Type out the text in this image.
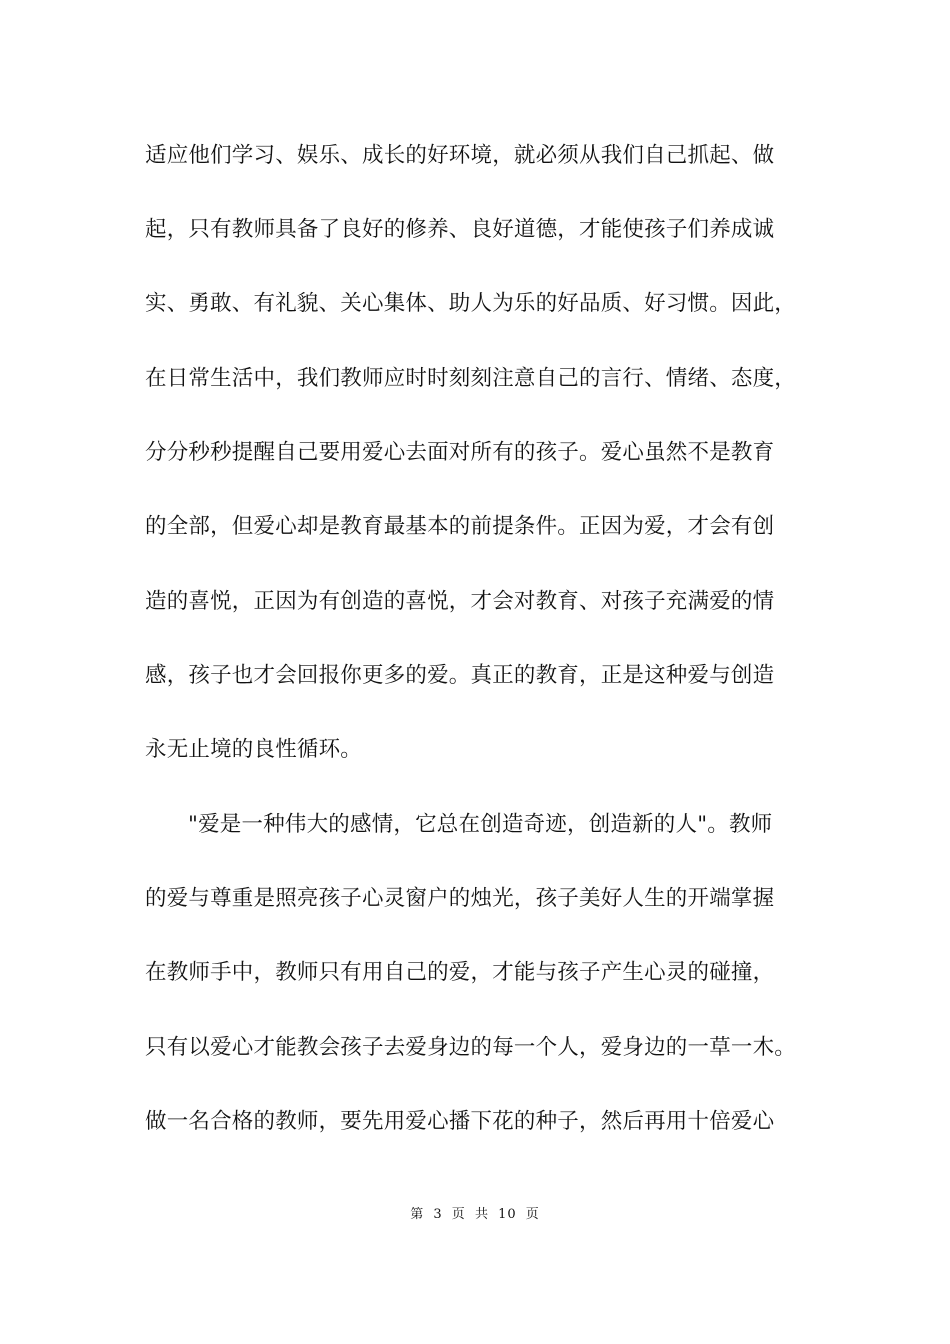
适应他们学习、娱乐、成长的好环境，就必须从我们自己抓起、做
起，只有教师具备了良好的修养、良好道德，才能使孩子们养成诚
实、勇敢、有礼貌、关心集体、助人为乐的好品质、好习惯。因此，
在日常生活中，我们教师应时时刻刻注意自己的言行、情绪、态度，
分分秒秒提醒自己要用爱心去面对所有的孩子。爱心虽然不是教育
的全部，但爱心却是教育最基本的前提条件。正因为爱，才会有创
造的喜悦，正因为有创造的喜悦，才会对教育、对孩子充满爱的情
感，孩子也才会回报你更多的爱。真正的教育，正是这种爱与创造
永无止境的良性循环。
"爱是一种伟大的感情，它总在创造奇迹，创造新的人"。教师
的爱与尊重是照亮孩子心灵窗户的烛光，孩子美好人生的开端掌握
在教师手中，教师只有用自己的爱，才能与孩子产生心灵的碰撞，
只有以爱心才能教会孩子去爱身边的每一个人，爱身边的一草一木。
做一名合格的教师，要先用爱心播下花的种子，然后再用十倍爱心
第 3 页 共 10 页
